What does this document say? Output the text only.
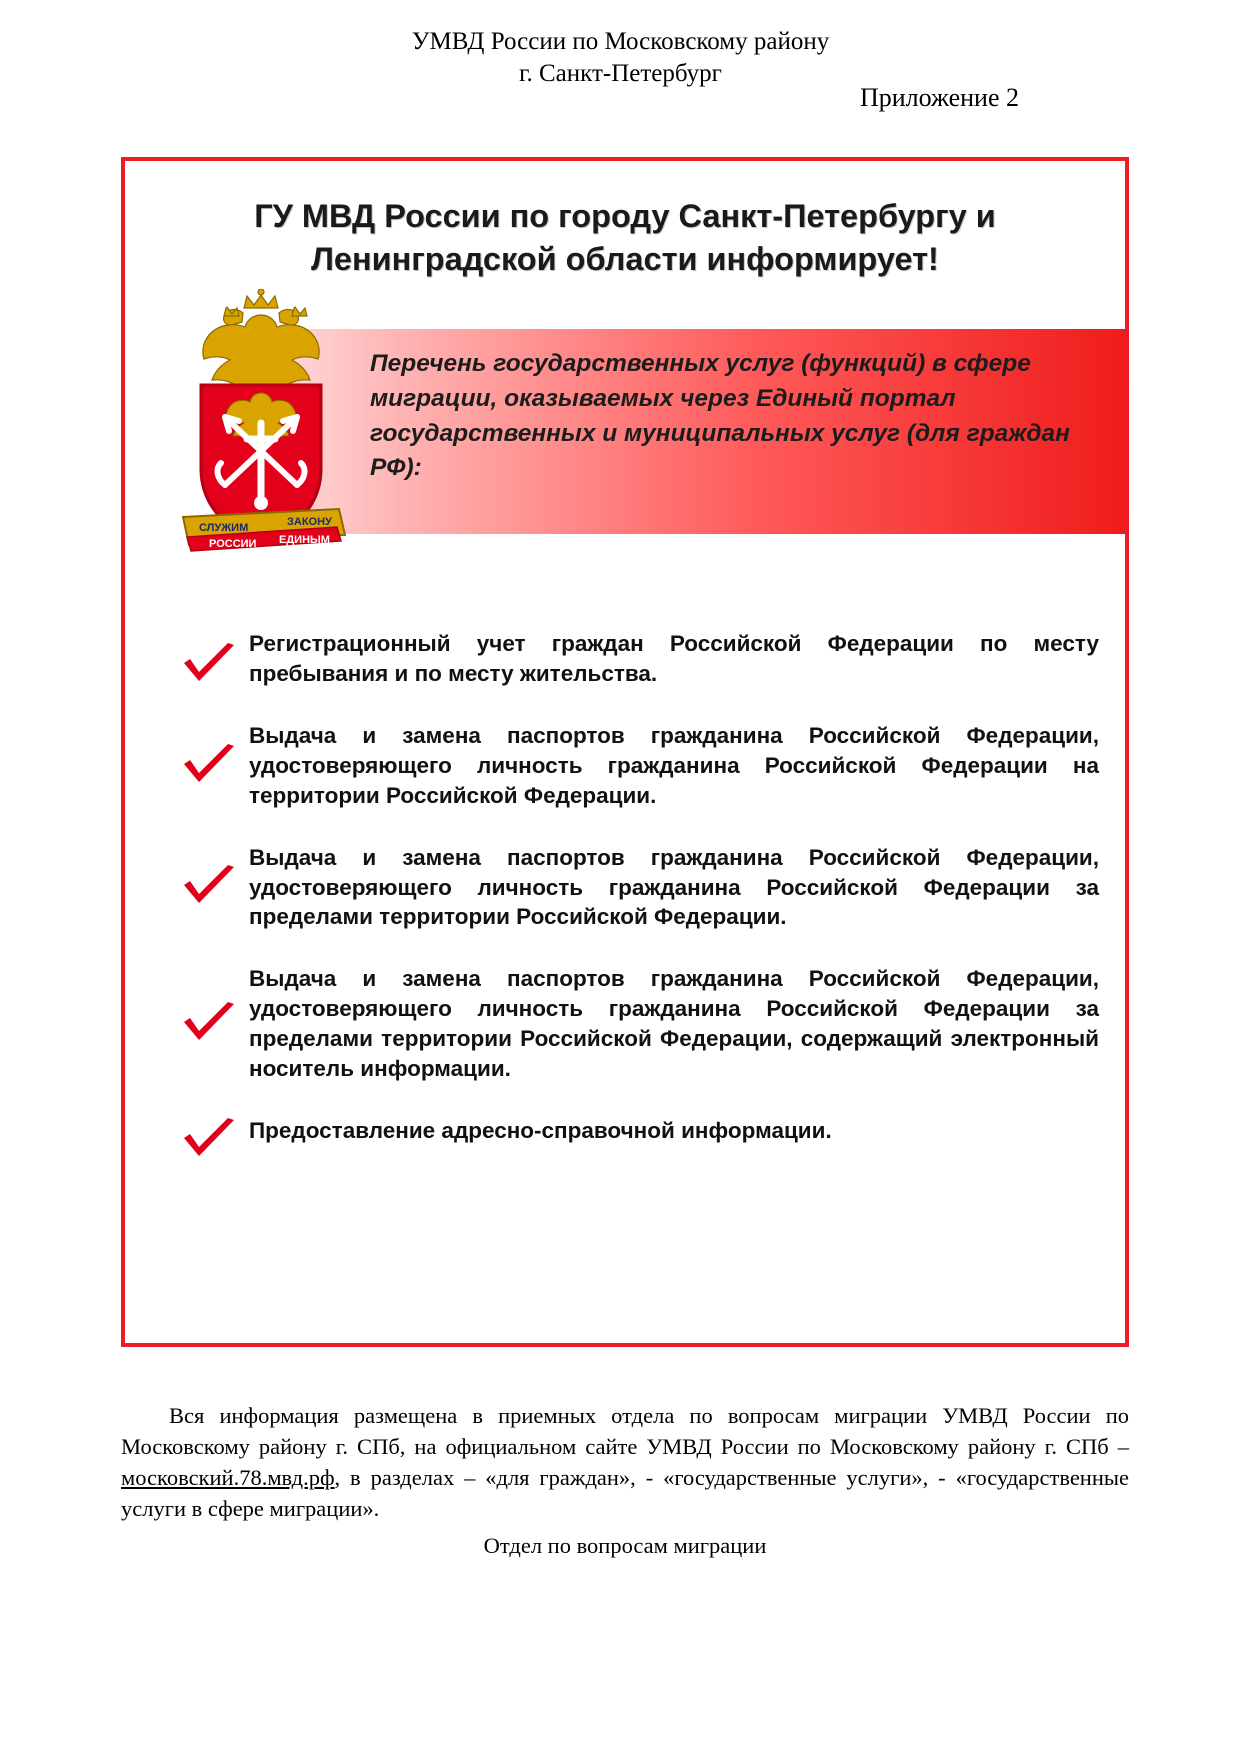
УМВД России по Московскому району
г. Санкт-Петербург
Приложение 2
ГУ МВД России по городу Санкт-Петербургу и
Ленинградской области информирует!
Перечень государственных услуг (функций) в сфере миграции, оказываемых через Единый портал государственных и муниципальных услуг (для граждан РФ):
СЛУЖИМ	ЗАКОНУ
РОССИИ ЕДИНЫМ

Регистрационный учет граждан Российской Федерации по месту пребывания и по месту жительства.

Выдача и замена паспортов гражданина Российской Федерации, удостоверяющего личность гражданина Российской Федерации на территории Российской Федерации.

Выдача и замена паспортов гражданина Российской Федерации, удостоверяющего личность гражданина Российской Федерации за пределами территории Российской Федерации.

Выдача и замена паспортов гражданина Российской Федерации, удостоверяющего личность гражданина Российской Федерации за пределами территории Российской Федерации, содержащий электронный носитель информации.

Предоставление адресно-справочной информации.

Вся информация размещена в приемных отдела по вопросам миграции УМВД России по Московскому району г. СПб, на официальном сайте УМВД России по Московскому району г. СПб – московский.78.мвд.рф, в разделах – «для граждан», - «государственные услуги», - «государственные услуги в сфере миграции».

Отдел по вопросам миграции
